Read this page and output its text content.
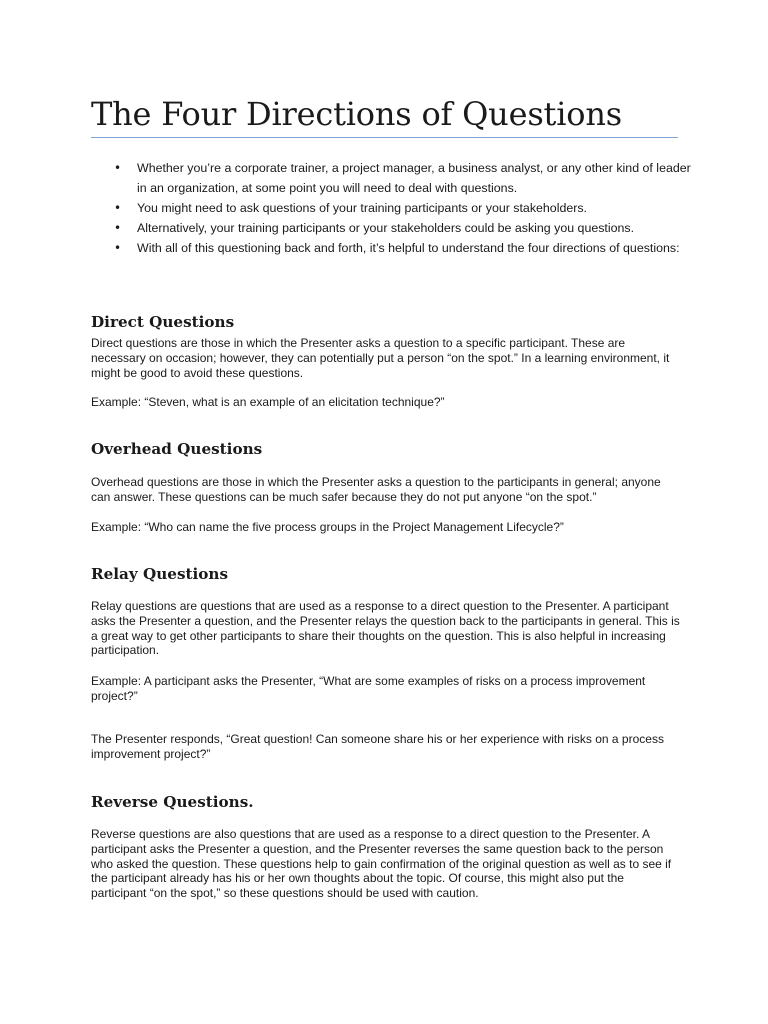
The Four Directions of Questions
• Whether you’re a corporate trainer, a project manager, a business analyst, or any other kind of leader in an organization, at some point you will need to deal with questions.
• You might need to ask questions of your training participants or your stakeholders.
• Alternatively, your training participants or your stakeholders could be asking you questions.
• With all of this questioning back and forth, it’s helpful to understand the four directions of questions:
Direct Questions

Direct questions are those in which the Presenter asks a question to a specific participant. These are necessary on occasion; however, they can potentially put a person “on the spot.” In a learning environment, it might be good to avoid these questions.

Example: “Steven, what is an example of an elicitation technique?”

Overhead Questions

Overhead questions are those in which the Presenter asks a question to the participants in general; anyone can answer. These questions can be much safer because they do not put anyone “on the spot.”

Example: “Who can name the five process groups in the Project Management Lifecycle?”

Relay Questions

Relay questions are questions that are used as a response to a direct question to the Presenter. A participant asks the Presenter a question, and the Presenter relays the question back to the participants in general. This is a great way to get other participants to share their thoughts on the question. This is also helpful in increasing participation.

Example: A participant asks the Presenter, “What are some examples of risks on a process improvement project?”

The Presenter responds, “Great question! Can someone share his or her experience with risks on a process improvement project?”

Reverse Questions.

Reverse questions are also questions that are used as a response to a direct question to the Presenter. A participant asks the Presenter a question, and the Presenter reverses the same question back to the person who asked the question. These questions help to gain confirmation of the original question as well as to see if the participant already has his or her own thoughts about the topic. Of course, this might also put the participant “on the spot,” so these questions should be used with caution.
